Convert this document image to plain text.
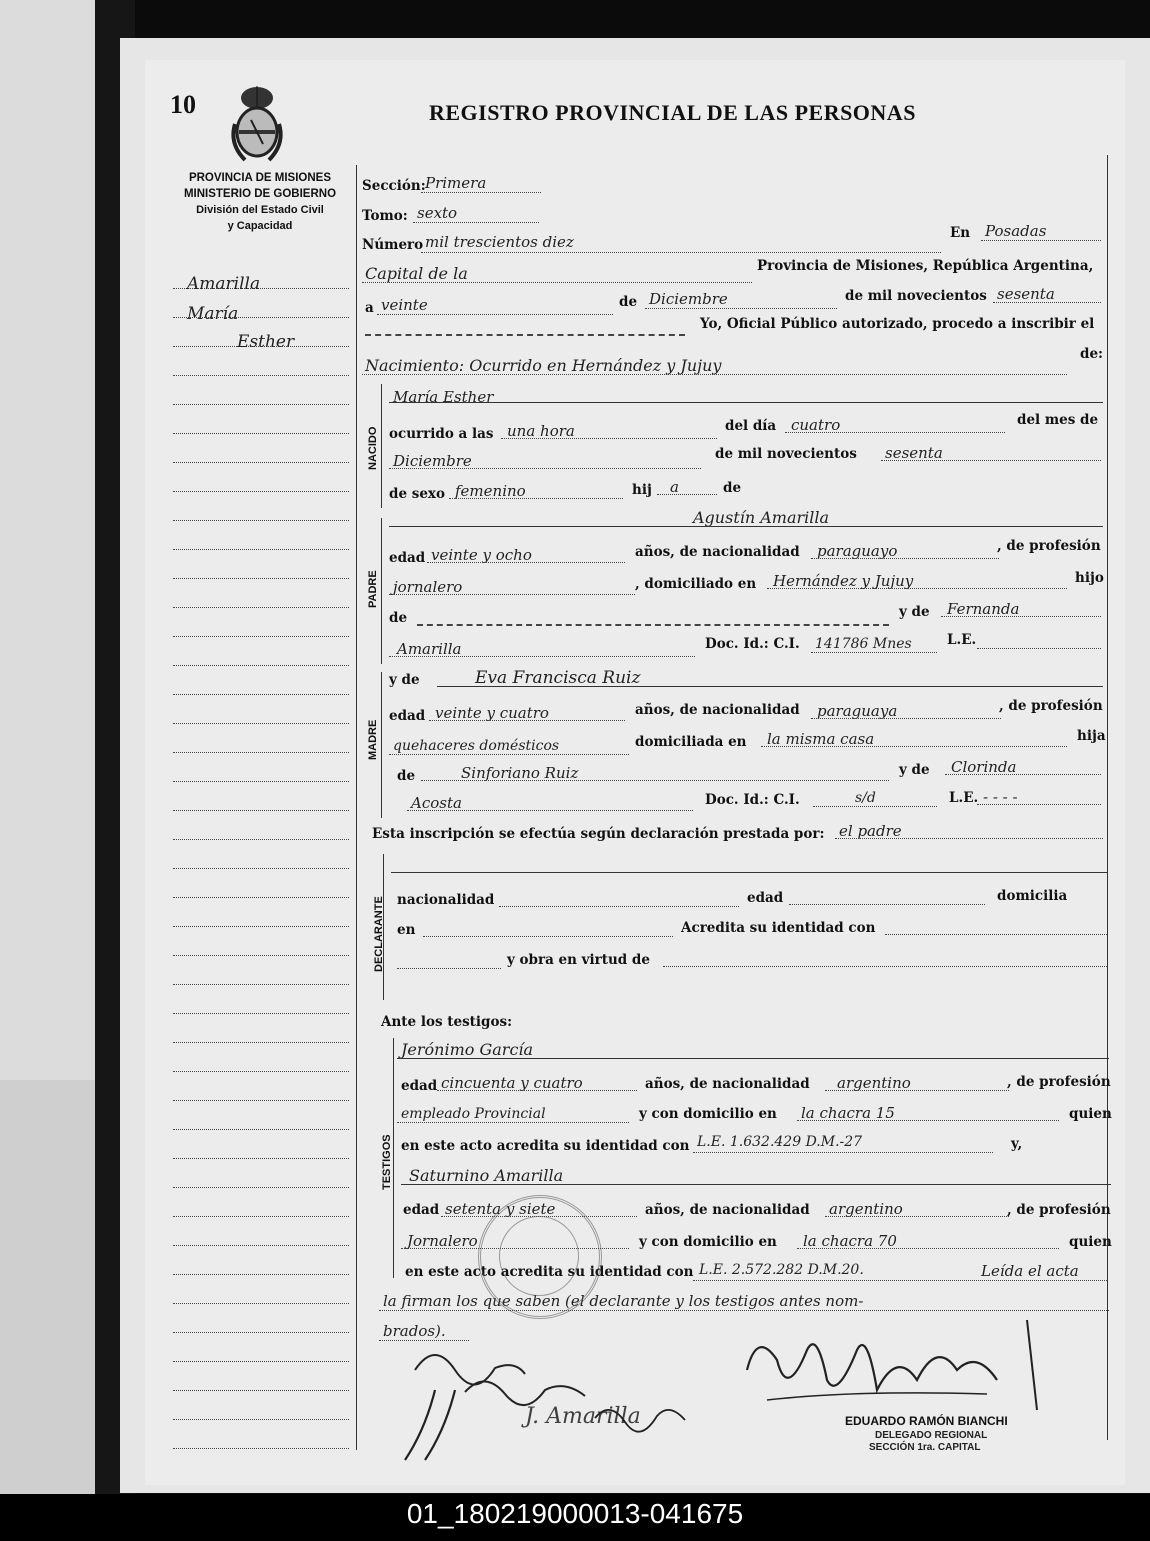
10	REGISTRO PROVINCIAL DE LAS PERSONAS
PROVINCIA DE MISIONES
MINISTERIO DE GOBIERNO
División del Estado Civil
y Capacidad
Amarilla
María
Esther
Sección: Primera
Tomo: sexto
Número mil trescientos diez	En Posadas
Capital de la	Provincia de Misiones, República Argentina,
a veinte	de Diciembre	de mil novecientos sesenta
Yo, Oficial Público autorizado, procedo a inscribir el
Nacimiento: Ocurrido en Hernández y Jujuy
de:
NACIDO
María Esther
ocurrido a las una hora	del día cuatro	del mes de
Diciembre	de mil novecientos sesenta
de sexo femenino	hij a	de
PADRE
Agustín Amarilla
edad veinte y ocho	años, de nacionalidad paraguayo	, de profesión
jornalero	, domiciliado en Hernández y Jujuy	hijo
de	y de Fernanda
Amarilla	Doc. Id.: C.I. 141786 Mnes	L.E.
MADRE
y de	Eva Francisca Ruiz
edad veinte y cuatro	años, de nacionalidad paraguaya	, de profesión
quehaceres domésticos	domiciliada en la misma casa	hija
de	Sinforiano Ruiz	y de Clorinda
Acosta	Doc. Id.: C.I.	s/d	L.E. - - - -
Esta inscripción se efectúa según declaración prestada por: el padre
DECLARANTE nacionalidad	edad	domicilia
en	Acredita su identidad con
y obra en virtud de
Ante los testigos:
TESTIGOS
Jerónimo García
edad cincuenta y cuatro	años, de nacionalidad argentino	, de profesión
empleado Provincial	y con domicilio en la chacra 15	quien
en este acto acredita su identidad con L.E. 1.632.429 D.M.-27	y,
Saturnino Amarilla
edad setenta y siete	años, de nacionalidad argentino	, de profesión
Jornalero	y con domicilio en la chacra 70	quien
en este acto acredita su identidad con L.E. 2.572.282 D.M.20.	Leída el acta
la firman los que saben (el declarante y los testigos antes nom-
brados).
J. Amarilla	EDUARDO RAMÓN BIANCHI
DELEGADO REGIONAL
SECCIÓN 1ra. CAPITAL
01_180219000013-041675
